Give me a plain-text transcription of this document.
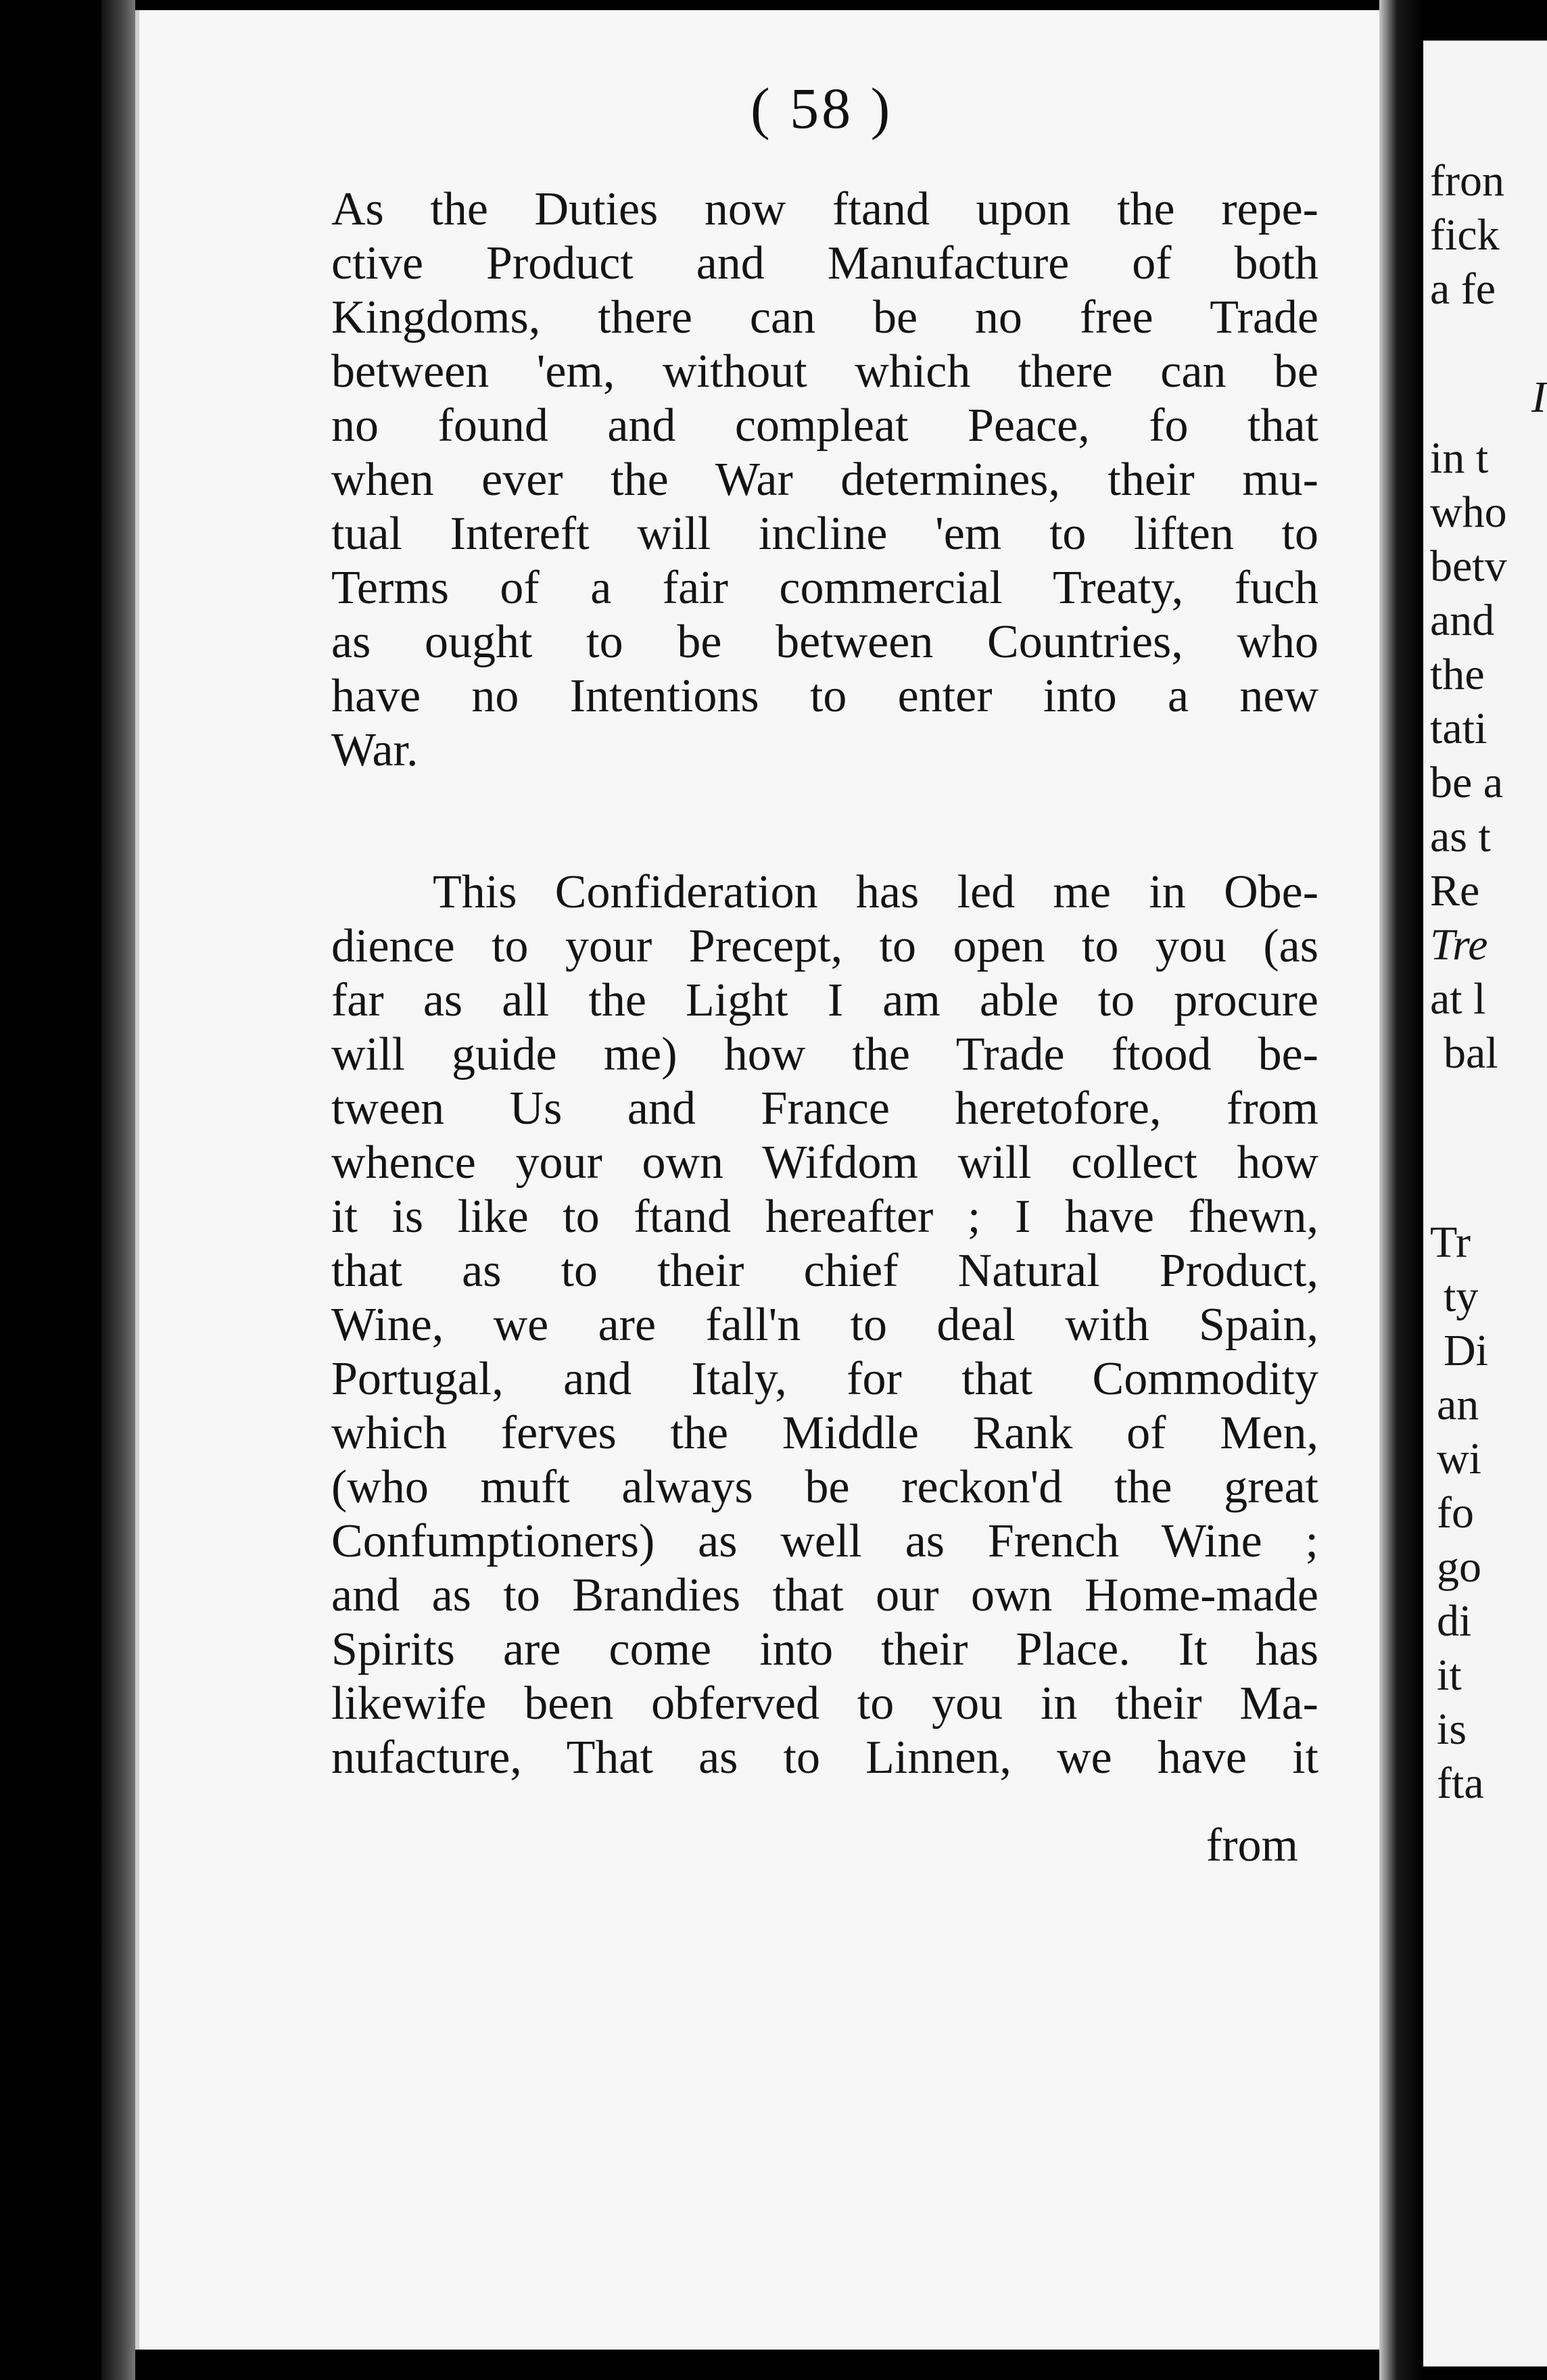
( 58 )
As the Duties now ftand upon the repe-
ctive Product and Manufacture of both
Kingdoms, there can be no free Trade
between 'em, without which there can be
no found and compleat Peace, fo that
when ever the War determines, their mu-
tual Intereft will incline 'em to liften to
Terms of a fair commercial Treaty, fuch
as ought to be between Countries, who
have no Intentions to enter into a new
War.
This Confideration has led me in Obe-
dience to your Precept, to open to you (as
far as all the Light I am able to procure
will guide me) how the Trade ftood be-
tween Us and France heretofore, from
whence your own Wifdom will collect how
it is like to ftand hereafter ; I have fhewn,
that as to their chief Natural Product,
Wine, we are fall'n to deal with Spain,
Portugal, and Italy, for that Commodity
which ferves the Middle Rank of Men,
(who muft always be reckon'd the great
Confumptioners) as well as French Wine ;
and as to Brandies that our own Home-made
Spirits are come into their Place. It has
likewife been obferved to you in their Ma-
nufacture, That as to Linnen, we have it
from
fron
fick
a fe
I
in t
who
betv
and
the
tati
be a
as t
Re
Tre
at l
bal
Tr
ty
Di
an
wi
fo
go
di
it
is
fta
